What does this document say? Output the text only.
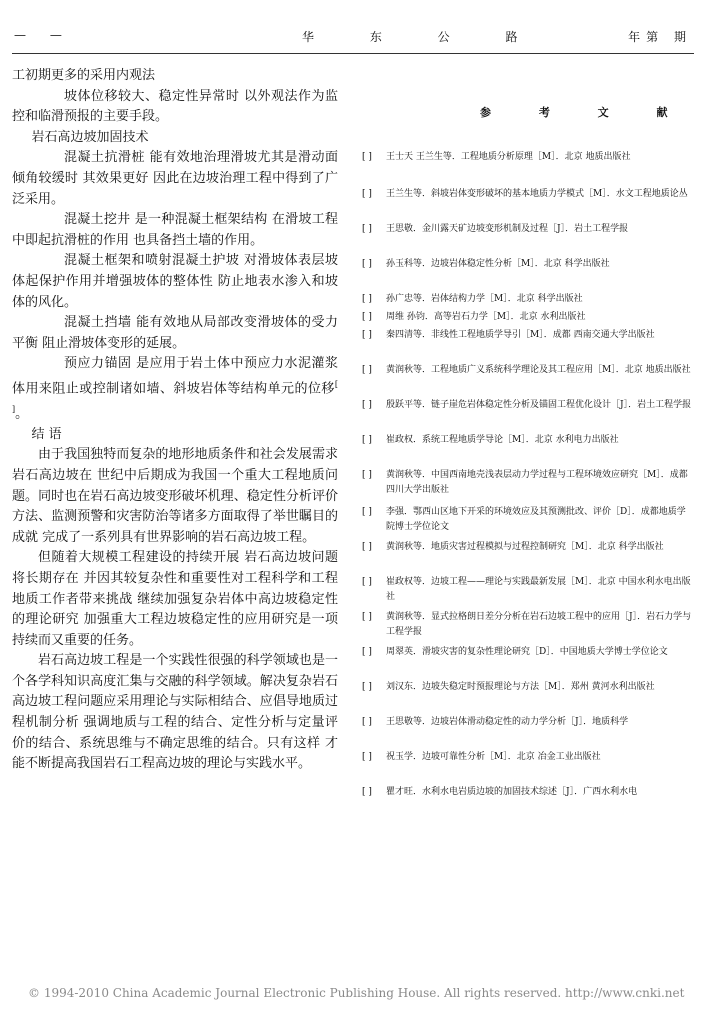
— —	华 东 公 路	年第 期

工初期更多的采用内观法

坡体位移较大、稳定性异常时 以外观法作为监控和临滑预报的主要手段。

岩石高边坡加固技术

混凝土抗滑桩 能有效地治理滑坡尤其是滑动面倾角较缓时 其效果更好 因此在边坡治理工程中得到了广泛采用。

混凝土挖井 是一种混凝土框架结构 在滑坡工程中即起抗滑桩的作用 也具备挡土墙的作用。

混凝土框架和喷射混凝土护坡 对滑坡体表层坡体起保护作用并增强坡体的整体性 防止地表水渗入和坡体的风化。

混凝土挡墙 能有效地从局部改变滑坡体的受力平衡 阻止滑坡体变形的延展。

预应力锚固 是应用于岩土体中预应力水泥灌浆体用来阻止或控制诸如墙、斜坡岩体等结构单元的位移[ ]。

结 语

由于我国独特而复杂的地形地质条件和社会发展需求 岩石高边坡在 世纪中后期成为我国一个重大工程地质问题。同时也在岩石高边坡变形破坏机理、稳定性分析评价方法、监测预警和灾害防治等诸多方面取得了举世瞩目的成就 完成了一系列具有世界影响的岩石高边坡工程。

但随着大规模工程建设的持续开展 岩石高边坡问题将长期存在 并因其较复杂性和重要性对工程科学和工程地质工作者带来挑战 继续加强复杂岩体中高边坡稳定性的理论研究 加强重大工程边坡稳定性的应用研究是一项持续而又重要的任务。

岩石高边坡工程是一个实践性很强的科学领域也是一个各学科知识高度汇集与交融的科学领域。解决复杂岩石高边坡工程问题应采用理论与实际相结合、应倡导地质过程机制分析 强调地质与工程的结合、定性分析与定量评价的结合、系统思维与不确定思维的结合。只有这样 才能不断提高我国岩石工程高边坡的理论与实践水平。

参 考 文 献
[ ] 王士天 王兰生等．工程地质分析原理［M］．北京 地质出版社
[ ] 王兰生等．斜坡岩体变形破坏的基本地质力学模式［M］．水文工程地质论丛
[ ] 王思敬．金川露天矿边坡变形机制及过程［J］．岩土工程学报
[ ] 孙玉科等．边坡岩体稳定性分析［M］．北京 科学出版社
[ ] 孙广忠等．岩体结构力学［M］．北京 科学出版社
[ ] 周维 孙钧．高等岩石力学［M］．北京 水利出版社
[ ] 秦四清等．非线性工程地质学导引［M］．成都 西南交通大学出版社
[ ] 黄润秋等．工程地质广义系统科学理论及其工程应用［M］．北京 地质出版社
[ ] 殷跃平等．链子崖危岩体稳定性分析及锚固工程优化设计［J］．岩土工程学报
[ ] 崔政权．系统工程地质学导论［M］．北京 水利电力出版社
[ ] 黄润秋等．中国西南地壳浅表层动力学过程与工程环境效应研究［M］．成都 四川大学出版社
[ ] 李强．鄂西山区地下开采的环境效应及其预测批改、评价［D］．成都地质学院博士学位论文
[ ] 黄润秋等．地质灾害过程模拟与过程控制研究［M］．北京 科学出版社
[ ] 崔政权等．边坡工程——理论与实践最新发展［M］．北京 中国水利水电出版社
[ ] 黄润秋等．显式拉格朗日差分分析在岩石边坡工程中的应用［J］．岩石力学与工程学报
[ ] 周翠英．滑坡灾害的复杂性理论研究［D］．中国地质大学博士学位论文
[ ] 刘汉东．边坡失稳定时预报理论与方法［M］．郑州 黄河水利出版社
[ ] 王思敬等．边坡岩体滑动稳定性的动力学分析［J］．地质科学
[ ] 祝玉学．边坡可靠性分析［M］．北京 冶金工业出版社
[ ] 瞿才旺．水利水电岩质边坡的加固技术综述［J］．广西水利水电
© 1994-2010 China Academic Journal Electronic Publishing House. All rights reserved. http://www.cnki.net
